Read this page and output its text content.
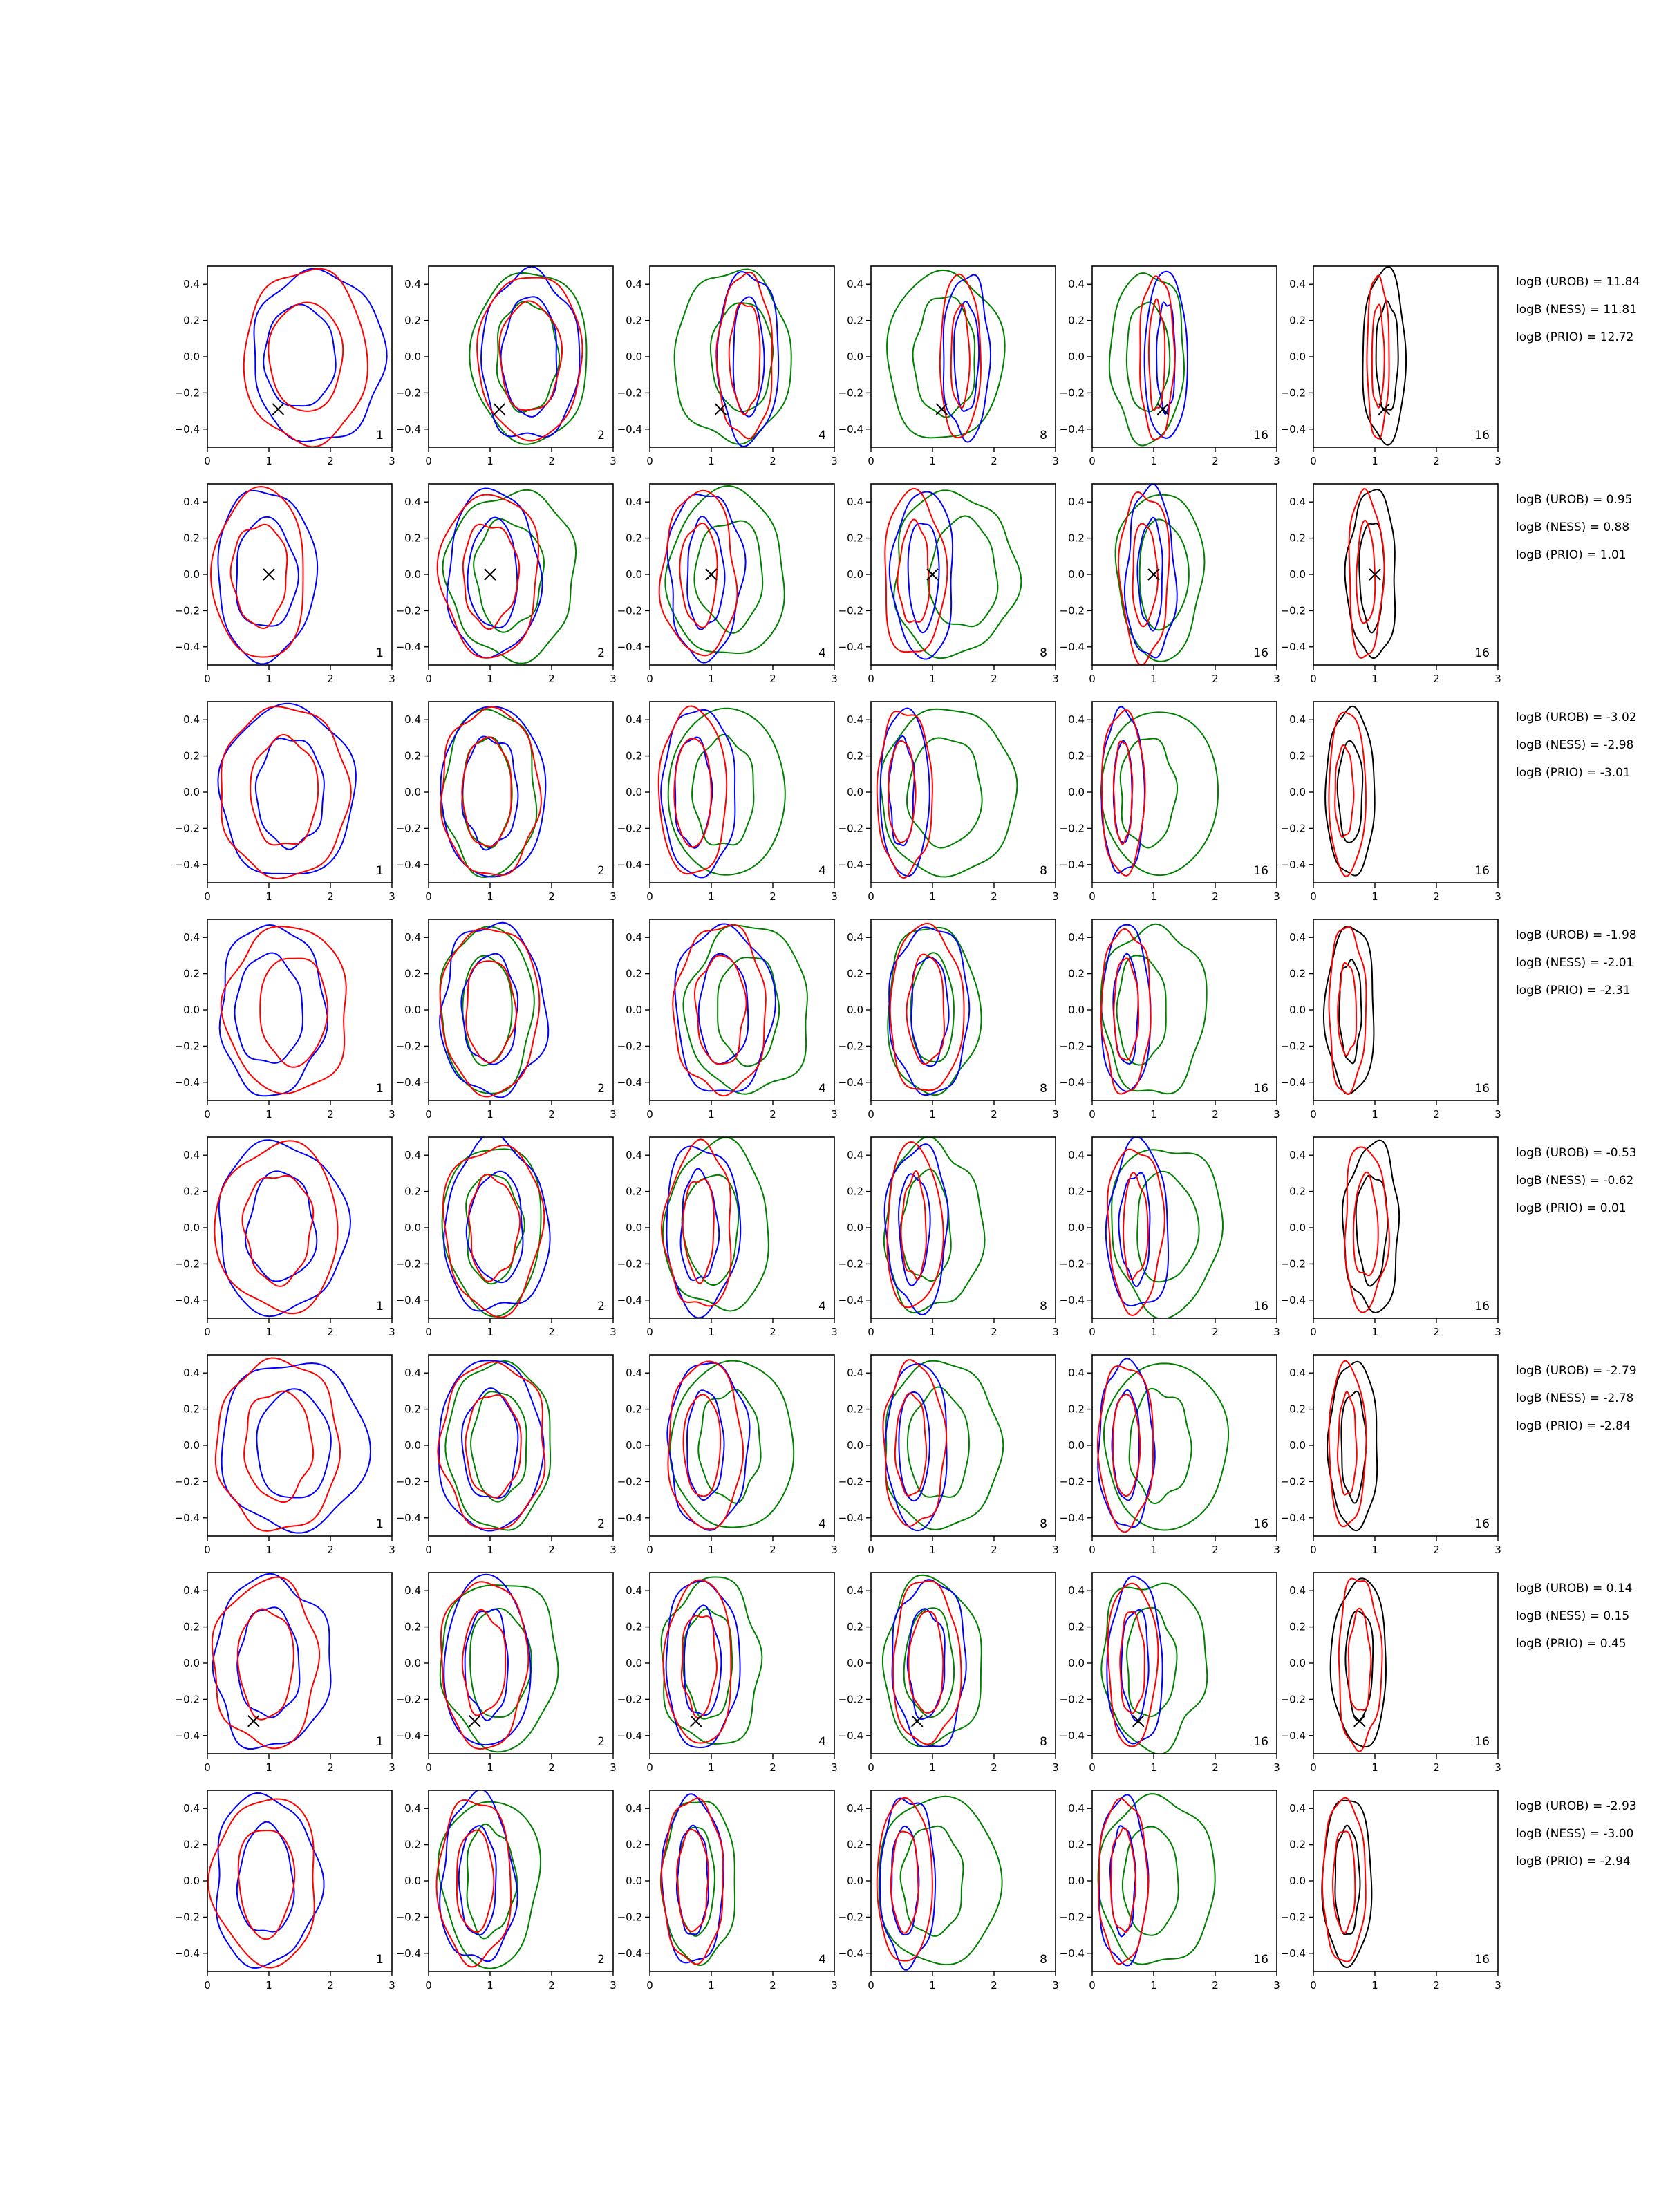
0.4
0.2
0.0
−0.2
−0.4
0	1	2	3
1
0.4
0.2
0.0
−0.2
−0.4
0	1	2	3
2
0.4
0.2
0.0
−0.2
−0.4
0	1	2	3
4
0.4
0.2
0.0
−0.2
−0.4
0	1	2	3
8
0.4
0.2
0.0
−0.2
−0.4
0	1	2	3
16
0.4
0.2
0.0
−0.2
−0.4
0	1	2	3
16
0.4
0.2
0.0
−0.2
−0.4
0	1	2	3
1
0.4
0.2
0.0
−0.2
−0.4
0	1	2	3
2
0.4
0.2
0.0
−0.2
−0.4
0	1	2	3
4
0.4
0.2
0.0
−0.2
−0.4
0	1	2	3
8
0.4
0.2
0.0
−0.2
−0.4
0	1	2	3
16
0.4
0.2
0.0
−0.2
−0.4
0	1	2	3
16
0.4
0.2
0.0
−0.2
−0.4
0	1	2	3
1
0.4
0.2
0.0
−0.2
−0.4
0	1	2	3
2
0.4
0.2
0.0
−0.2
−0.4
0	1	2	3
4
0.4
0.2
0.0
−0.2
−0.4
0	1	2	3
8
0.4
0.2
0.0
−0.2
−0.4
0	1	2	3
16
0.4
0.2
0.0
−0.2
−0.4
0	1	2	3
16
0.4
0.2
0.0
−0.2
−0.4
0	1	2	3
1
0.4
0.2
0.0
−0.2
−0.4
0	1	2	3
2
0.4
0.2
0.0
−0.2
−0.4
0	1	2	3
4
0.4
0.2
0.0
−0.2
−0.4
0	1	2	3
8
0.4
0.2
0.0
−0.2
−0.4
0	1	2	3
16
0.4
0.2
0.0
−0.2
−0.4
0	1	2	3
16
0.4
0.2
0.0
−0.2
−0.4
0	1	2	3
1
0.4
0.2
0.0
−0.2
−0.4
0	1	2	3
2
0.4
0.2
0.0
−0.2
−0.4
0	1	2	3
4
0.4
0.2
0.0
−0.2
−0.4
0	1	2	3
8
0.4
0.2
0.0
−0.2
−0.4
0	1	2	3
16
0.4
0.2
0.0
−0.2
−0.4
0	1	2	3
16
0.4
0.2
0.0
−0.2
−0.4
0	1	2	3
1
0.4
0.2
0.0
−0.2
−0.4
0	1	2	3
2
0.4
0.2
0.0
−0.2
−0.4
0	1	2	3
4
0.4
0.2
0.0
−0.2
−0.4
0	1	2	3
8
0.4
0.2
0.0
−0.2
−0.4
0	1	2	3
16
0.4
0.2
0.0
−0.2
−0.4
0	1	2	3
16
0.4
0.2
0.0
−0.2
−0.4
0	1	2	3
1
0.4
0.2
0.0
−0.2
−0.4
0	1	2	3
2
0.4
0.2
0.0
−0.2
−0.4
0	1	2	3
4
0.4
0.2
0.0
−0.2
−0.4
0	1	2	3
8
0.4
0.2
0.0
−0.2
−0.4
0	1	2	3
16
0.4
0.2
0.0
−0.2
−0.4
0	1	2	3
16
0.4
0.2
0.0
−0.2
−0.4
0	1	2	3
1
0.4
0.2
0.0
−0.2
−0.4
0	1	2	3
2
0.4
0.2
0.0
−0.2
−0.4
0	1	2	3
4
0.4
0.2
0.0
−0.2
−0.4
0	1	2	3
8
0.4
0.2
0.0
−0.2
−0.4
0	1	2	3
16
0.4
0.2
0.0
−0.2
−0.4
0	1	2	3
16
logB (UROB) = 11.84
logB (NESS) = 11.81
logB (PRIO) = 12.72
logB (UROB) = 0.95
logB (NESS) = 0.88
logB (PRIO) = 1.01
logB (UROB) = -3.02
logB (NESS) = -2.98
logB (PRIO) = -3.01
logB (UROB) = -1.98
logB (NESS) = -2.01
logB (PRIO) = -2.31
logB (UROB) = -0.53
logB (NESS) = -0.62
logB (PRIO) = 0.01
logB (UROB) = -2.79
logB (NESS) = -2.78
logB (PRIO) = -2.84
logB (UROB) = 0.14
logB (NESS) = 0.15
logB (PRIO) = 0.45
logB (UROB) = -2.93
logB (NESS) = -3.00
logB (PRIO) = -2.94
